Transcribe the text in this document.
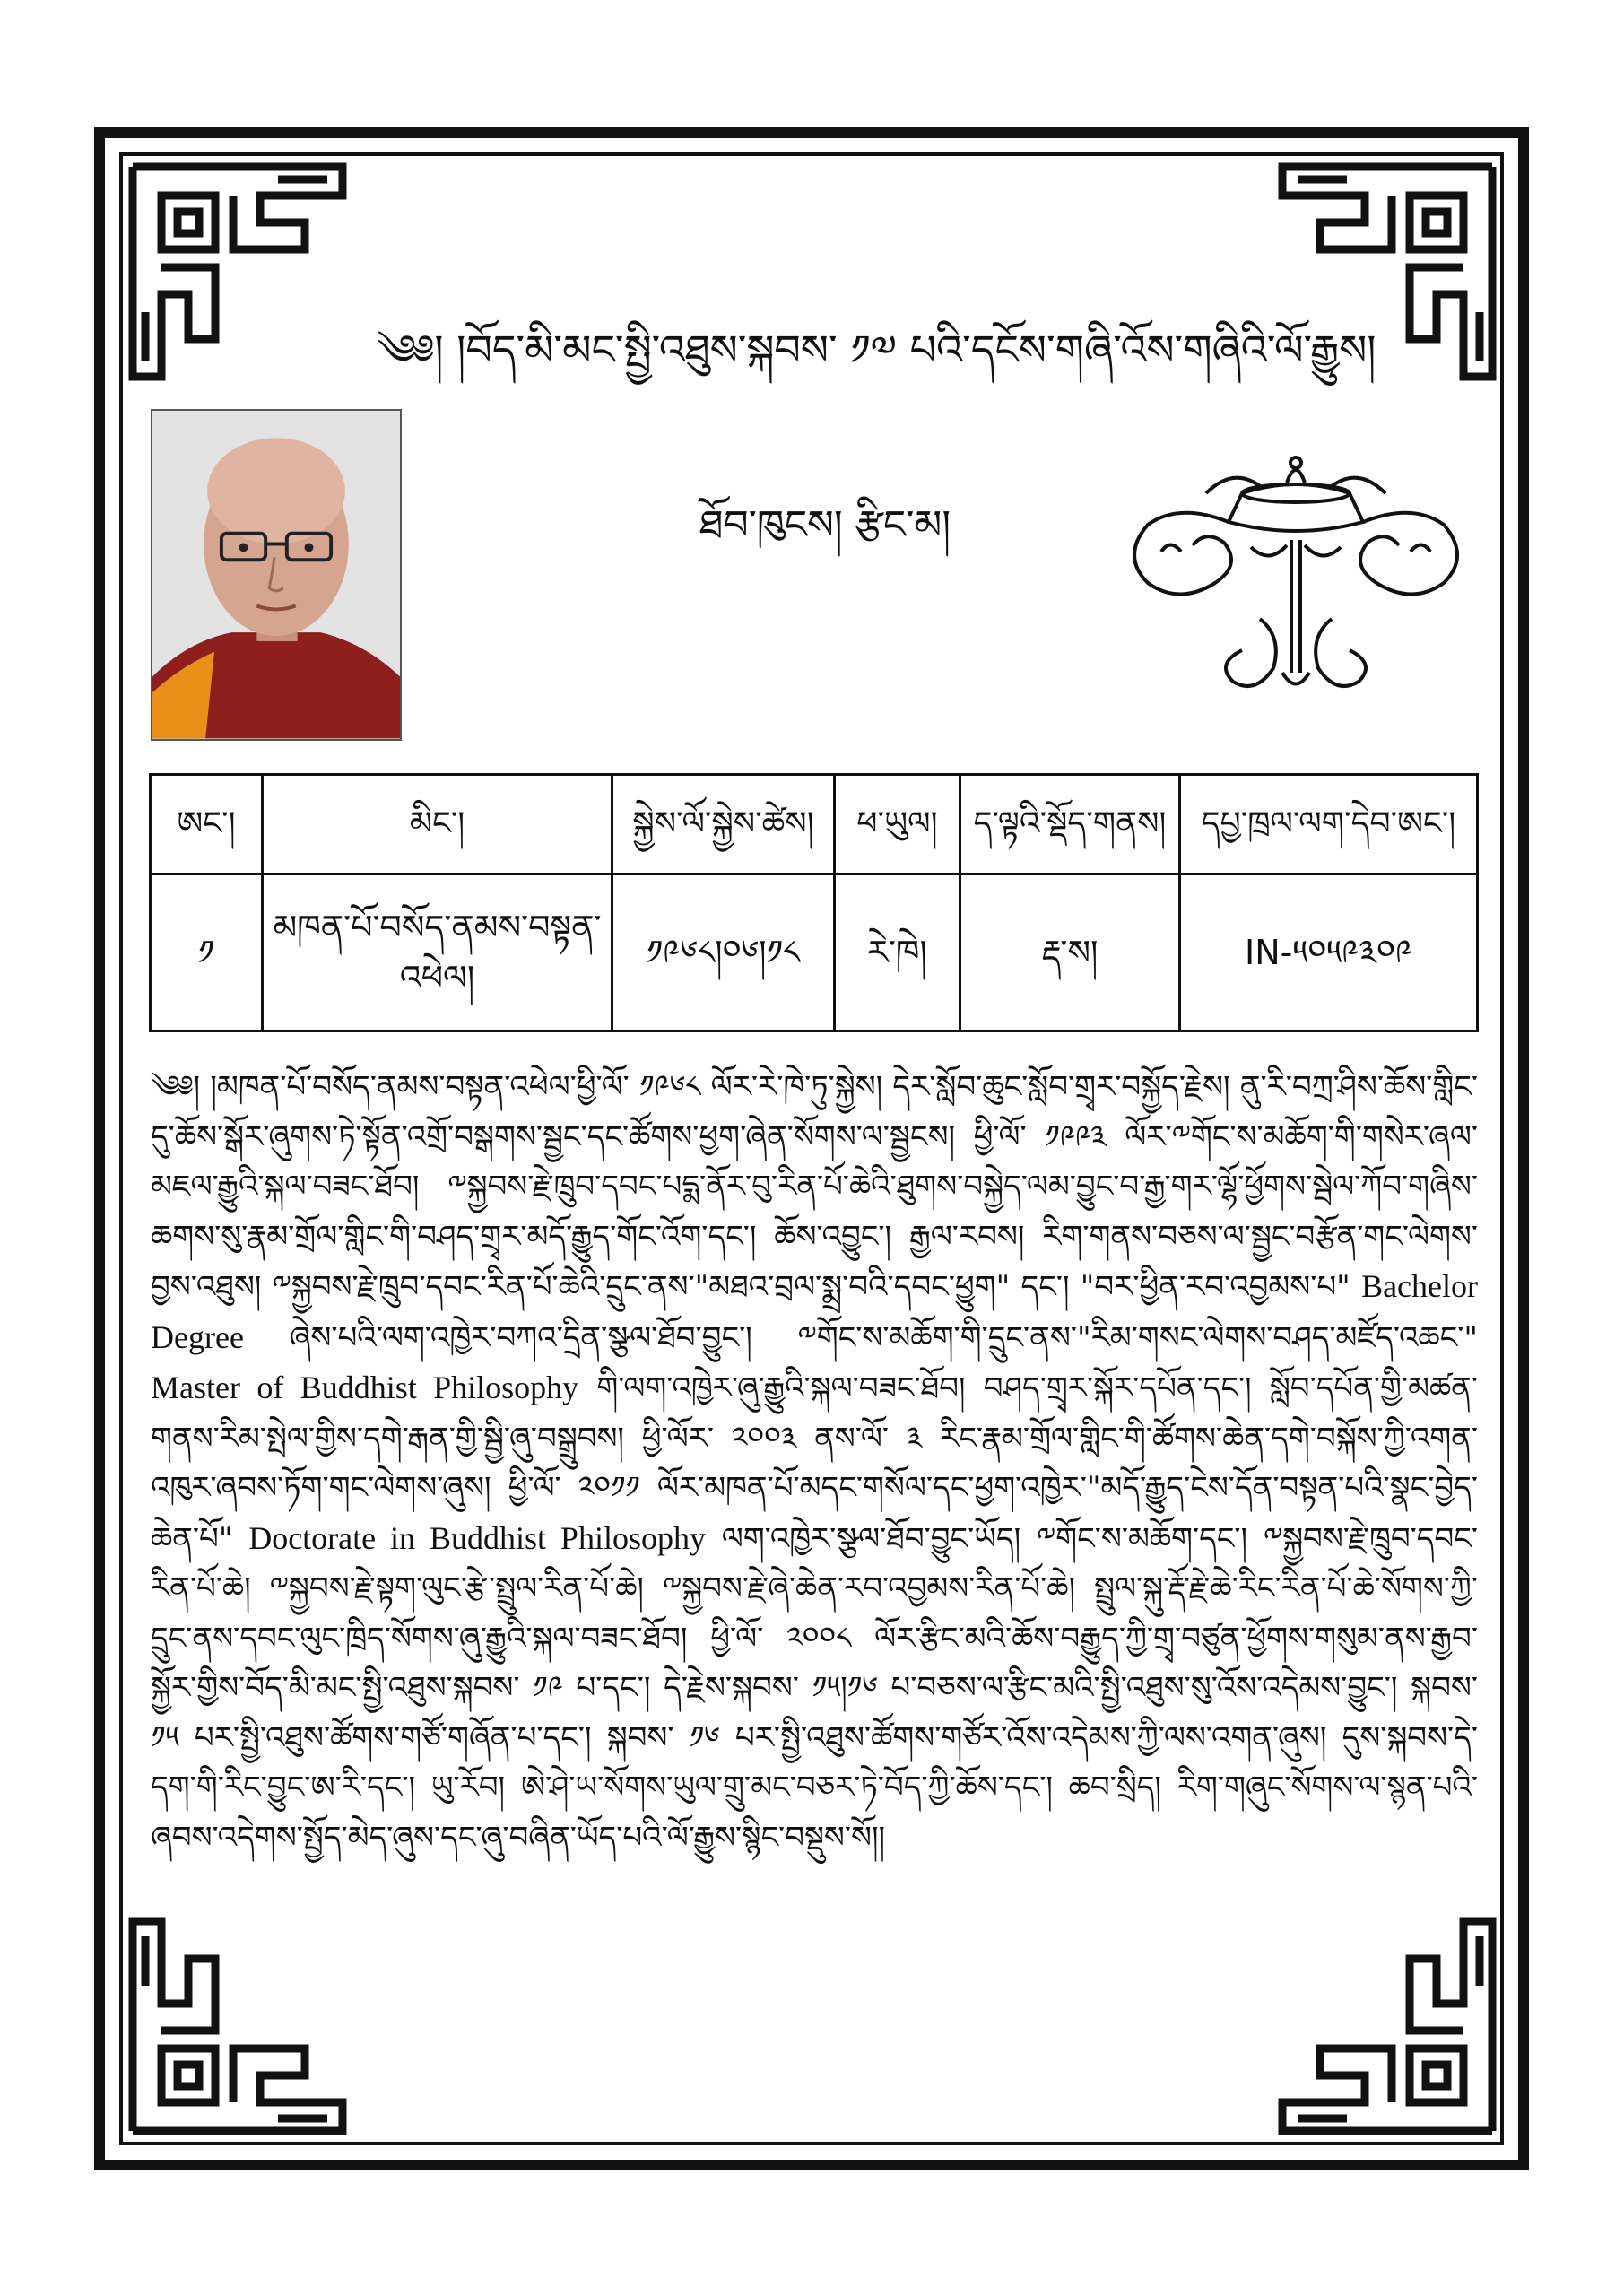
༄༅། །བོད་མི་མང་སྤྱི་འཐུས་སྐབས་ ༡༧ པའི་དངོས་གཞི་འོས་གཞིའི་ལོ་རྒྱུས།
ཐོབ་ཁུངས། རྩིང་མ།
ཨང་།	མིང་།	སྐྱེས་ལོ་སྐྱེས་ཚེས།	ཕ་ཡུལ།	ད་ལྟའི་སྡོད་གནས།	དཔྱ་ཁྲལ་ལག་དེབ་ཨང་།
༡	མཁན་པོ་བསོད་ནམས་བསྟན་འཕེལ།	༡༩༦༨།༠༦།༡༨	རེ་ཁེ།	རྡ་ས།	IN-༥༠༥༩༣༠༩
༄༅། །མཁན་པོ་བསོད་ནམས་བསྟན་འཕེལ་ཕྱི་ལོ་ ༡༩༦༨ ལོར་རེ་ཁེ་ཏུ་སྐྱེས། དེར་སློབ་ཆུང་སློབ་གྲྭར་བསྐྱོད་རྗེས། ནུ་རི་བཀྲ་ཤིས་ཆོས་གླིང་དུ་ཆོས་སྒོར་ཞུགས་ཏེ་སྟོན་འགྲོ་བསྒགས་སྦྱང་དང་ཚོགས་ཕྱག་ཞེན་སོགས་ལ་སྦྱངས། ཕྱི་ལོ་ ༡༩༩༣ ལོར་༸གོང་ས་མཆོག་གི་གསེར་ཞལ་མཇལ་རྒྱུའི་སྐལ་བཟང་ཐོབ། ༸སྐྱབས་རྗེ་ཁྲུབ་དབང་པདྨ་ནོར་བུ་རིན་པོ་ཆེའི་ཐུགས་བསྐྱེད་ལམ་བྱུང་བ་རྒྱ་གར་ལྷོ་ཕྱོགས་སྦེལ་ཀོབ་གཞིས་ཆགས་སུ་རྣམ་གྲོལ་གླིང་གི་བཤད་གྲྭར་མདོ་རྒྱུད་གོང་འོག་དང་། ཆོས་འབྱུང་། རྒྱལ་རབས། རིག་གནས་བཅས་ལ་སྦྱང་བརྩོན་གང་ལེགས་བྱས་འཐུས། ༸སྐྱབས་རྗེ་ཁྲུབ་དབང་རིན་པོ་ཆེའི་དྲུང་ནས་"མཐའ་བྲལ་སྨྲ་བའི་དབང་ཕྱུག" དང་། "བར་ཕྱིན་རབ་འབྱམས་པ" Bachelor Degree ཞེས་པའི་ལག་འཁྱེར་བཀའ་དྲིན་སྩལ་ཐོབ་བྱུང་། ༸གོང་ས་མཆོག་གི་དྲུང་ནས་"རིམ་གསང་ལེགས་བཤད་མཛོད་འཆང་" Master of Buddhist Philosophy གི་ལག་འཁྱེར་ཞུ་རྒྱུའི་སྐལ་བཟང་ཐོབ། བཤད་གྲྭར་སྐོར་དཔོན་དང་། སློབ་དཔོན་གྱི་མཚན་གནས་རིམ་སྤེལ་གྱིས་དགེ་རྒན་གྱི་སྦྱི་ཞུ་བསྒྲུབས། ཕྱི་ལོར་ ༢༠༠༣ ནས་ལོ་ ༣ རིང་རྣམ་གྲོལ་གླིང་གི་ཚོགས་ཆེན་དགེ་བསྐོས་ཀྱི་འགན་འཁུར་ཞབས་ཏོག་གང་ལེགས་ཞུས། ཕྱི་ལོ་ ༢༠༡༡ ལོར་མཁན་པོ་མདང་གསོལ་དང་ཕྱག་འཁྱེར་"མདོ་རྒྱུད་ངེས་དོན་བསྟན་པའི་སྣང་བྱེད་ཆེན་པོ" Doctorate in Buddhist Philosophy ལག་འཁྱེར་སྩལ་ཐོབ་བྱུང་ཡོད། ༸གོང་ས་མཆོག་དང་། ༸སྐྱབས་རྗེ་ཁྲུབ་དབང་རིན་པོ་ཆེ། ༸སྐྱབས་རྗེ་སྟག་ལུང་རྩེ་སྤྲུལ་རིན་པོ་ཆེ། ༸སྐྱབས་རྗེ་ཞེ་ཆེན་རབ་འབྱམས་རིན་པོ་ཆེ། སྤྲུལ་སྐུ་རྡོ་རྗེ་ཆེ་རིང་རིན་པོ་ཆེ་སོགས་ཀྱི་དྲུང་ནས་དབང་ལུང་ཁྲིད་སོགས་ཞུ་རྒྱུའི་སྐལ་བཟང་ཐོབ། ཕྱི་ལོ་ ༢༠༠༨ ལོར་རྩིང་མའི་ཆོས་བརྒྱུད་ཀྱི་གྲྭ་བཙུན་ཕྱོགས་གསུམ་ནས་རྒྱབ་སྐྱོར་གྱིས་བོད་མི་མང་སྤྱི་འཐུས་སྐབས་ ༡༩ པ་དང་། དེ་རྗེས་སྐབས་ ༡༥།༡༦ པ་བཅས་ལ་རྩིང་མའི་སྤྱི་འཐུས་སུ་འོས་འདེམས་བྱུང་། སྐབས་ ༡༥ པར་སྤྱི་འཐུས་ཚོགས་གཙོ་གཞོན་པ་དང་། སྐབས་ ༡༦ པར་སྤྱི་འཐུས་ཚོགས་གཙོར་འོས་འདེམས་ཀྱི་ལས་འགན་ཞུས། དུས་སྐབས་དེ་དག་གི་རིང་བྱུང་ཨ་རི་དང་། ཡུ་རོབ། ཨེ་ཤེ་ཡ་སོགས་ཡུལ་གྲུ་མང་བཅར་ཏེ་བོད་ཀྱི་ཆོས་དང་། ཆབ་སྲིད། རིག་གཞུང་སོགས་ལ་སྙན་པའི་ཞབས་འདེགས་སྤྱོད་མེད་ཞུས་དང་ཞུ་བཞིན་ཡོད་པའི་ལོ་རྒྱུས་སྙིང་བསྡུས་སོ།།
